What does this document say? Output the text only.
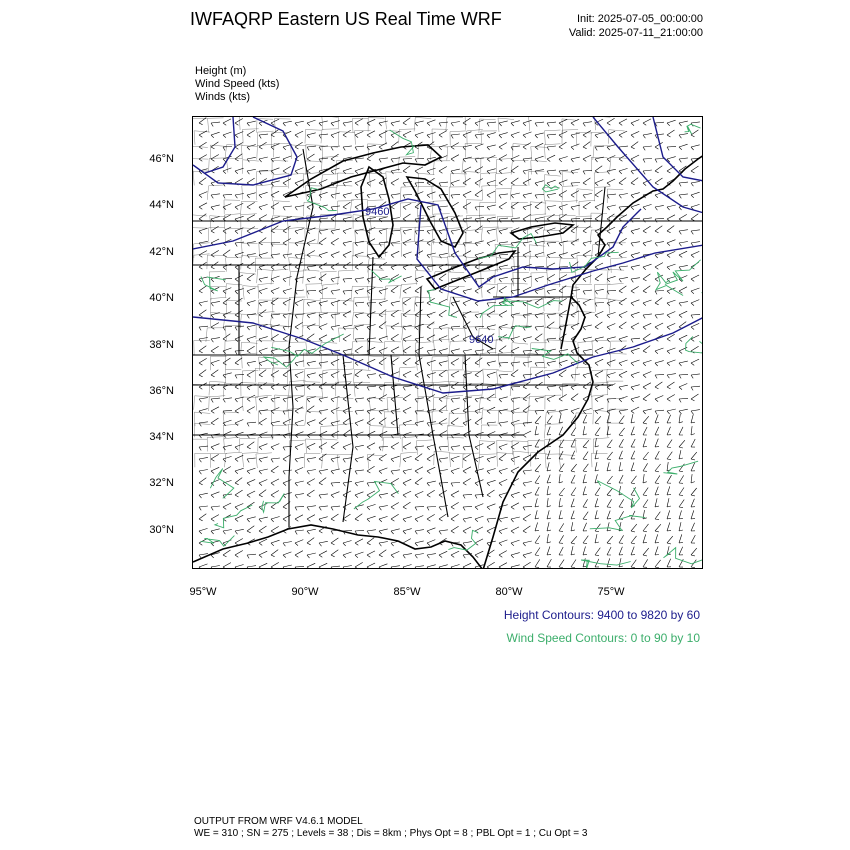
IWFAQRP Eastern US Real Time WRF	Init: 2025-07-05_00:00:00
Valid: 2025-07-11_21:00:00
Height (m)
Wind Speed (kts)
Winds (kts)
9460
9640
46°N
44°N
42°N
40°N
38°N
36°N
34°N
32°N
30°N
95°W	90°W	85°W	80°W	75°W
Height Contours: 9400 to 9820 by 60
Wind Speed Contours: 0 to 90 by 10
OUTPUT FROM WRF V4.6.1 MODEL
WE = 310 ; SN = 275 ; Levels = 38 ; Dis = 8km ; Phys Opt = 8 ; PBL Opt = 1 ; Cu Opt = 3
